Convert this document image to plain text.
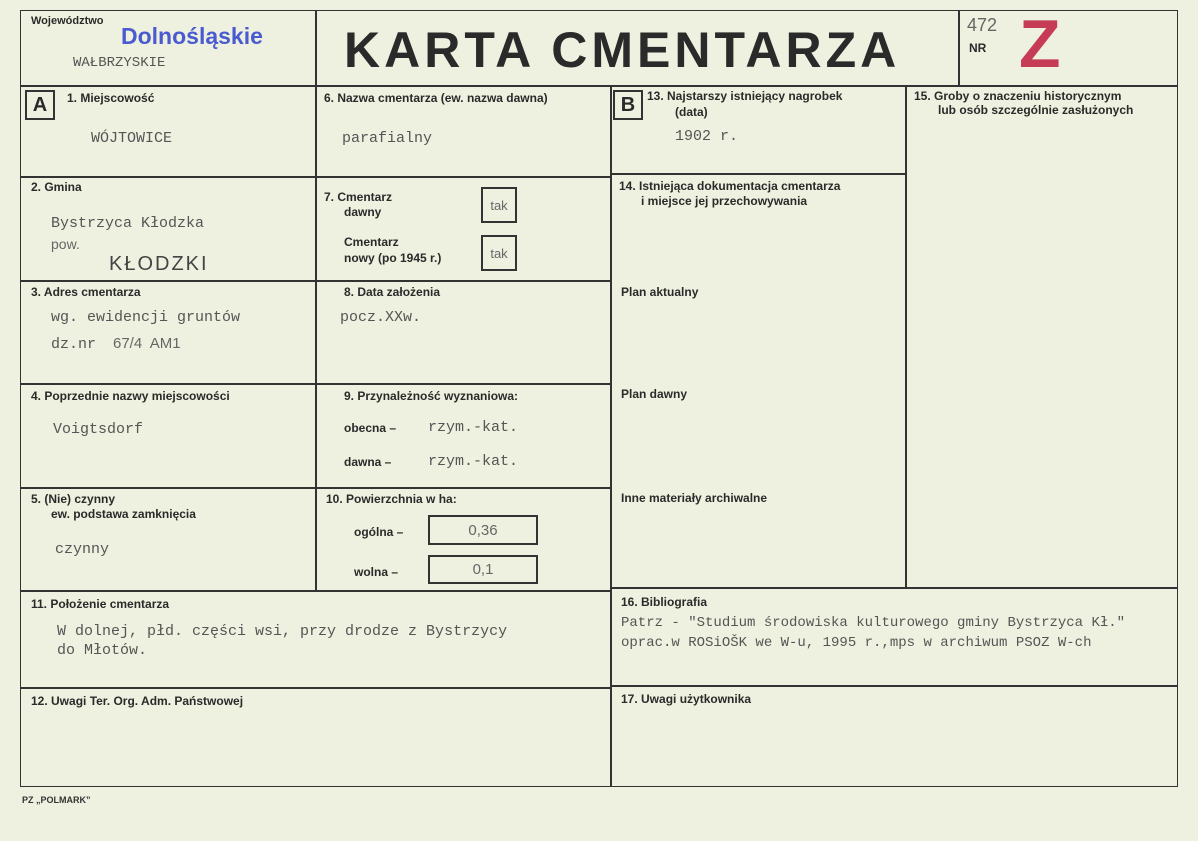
Województwo
Dolnośląskie
WAŁBRZYSKIE	KARTA CMENTARZA	472
NR Z
A	1. Miejscowość
WÓJTOWICE
2. Gmina
Bystrzyca Kłodzka
pow.
KŁODZKI
3. Adres cmentarza
wg. ewidencji gruntów
dz.nr 67/4  AM1
4. Poprzednie nazwy miejscowości
Voigtsdorf
5. (Nie) czynny
ew. podstawa zamknięcia
czynny
6. Nazwa cmentarza (ew. nazwa dawna)
parafialny
7. Cmentarz
dawny	tak
Cmentarz
nowy (po 1945 r.)	tak
8. Data założenia
pocz.XXw.
9. Przynależność wyznaniowa:
obecna – rzym.-kat.
dawna – rzym.-kat.
10. Powierzchnia w ha:
ogólna –	0,36
wolna –	0,1
B 13. Najstarszy istniejący nagrobek
(data)
1902 r.
14. Istniejąca dokumentacja cmentarza
i miejsce jej przechowywania
Plan aktualny
Plan dawny
Inne materiały archiwalne
15. Groby o znaczeniu historycznym
lub osób szczególnie zasłużonych
11. Położenie cmentarza
W dolnej, płd. części wsi, przy drodze z Bystrzycy
do Młotów.
12. Uwagi Ter. Org. Adm. Państwowej
16. Bibliografia
Patrz - "Studium środowiska kulturowego gminy Bystrzyca Kł."
oprac.w ROSiOŠK we W-u, 1995 r.,mps w archiwum PSOZ W-ch
17. Uwagi użytkownika
PZ „POLMARK”
